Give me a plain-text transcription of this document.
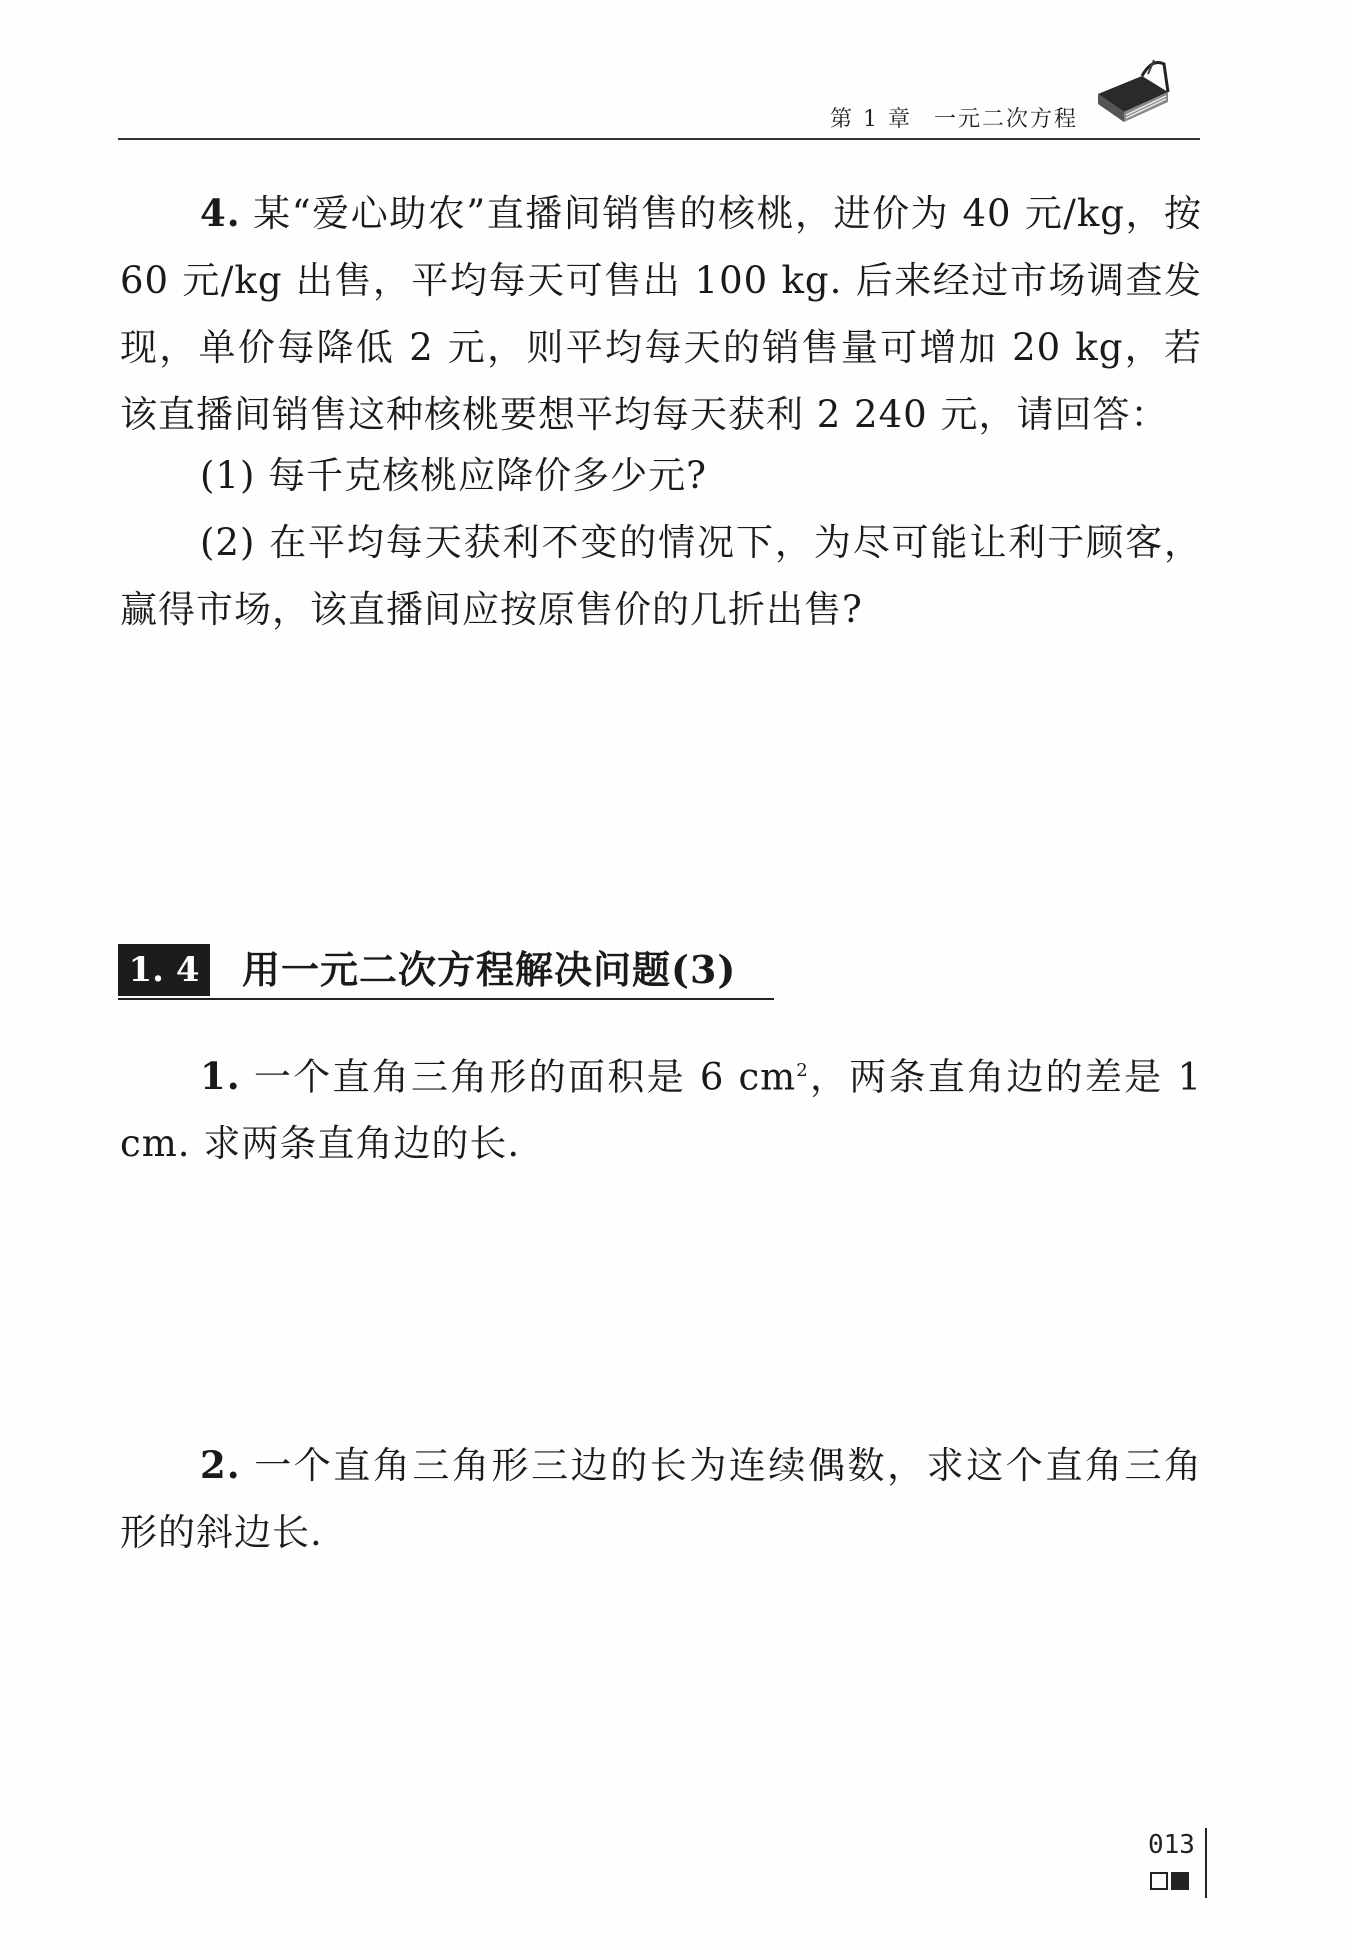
第 1 章 一元二次方程
4. 某“爱心助农”直播间销售的核桃，进价为 40 元/kg，按 60 元/kg 出售，平均每天可售出 100 kg. 后来经过市场调查发现，单价每降低 2 元，则平均每天的销售量可增加 20 kg，若该直播间销售这种核桃要想平均每天获利 2 240 元，请回答：
(1) 每千克核桃应降价多少元?
(2) 在平均每天获利不变的情况下，为尽可能让利于顾客，赢得市场，该直播间应按原售价的几折出售?
1. 4 用一元二次方程解决问题(3)
1. 一个直角三角形的面积是 6 $cm^2$，两条直角边的差是 1 cm. 求两条直角边的长.
2. 一个直角三角形三边的长为连续偶数，求这个直角三角形的斜边长.
013
